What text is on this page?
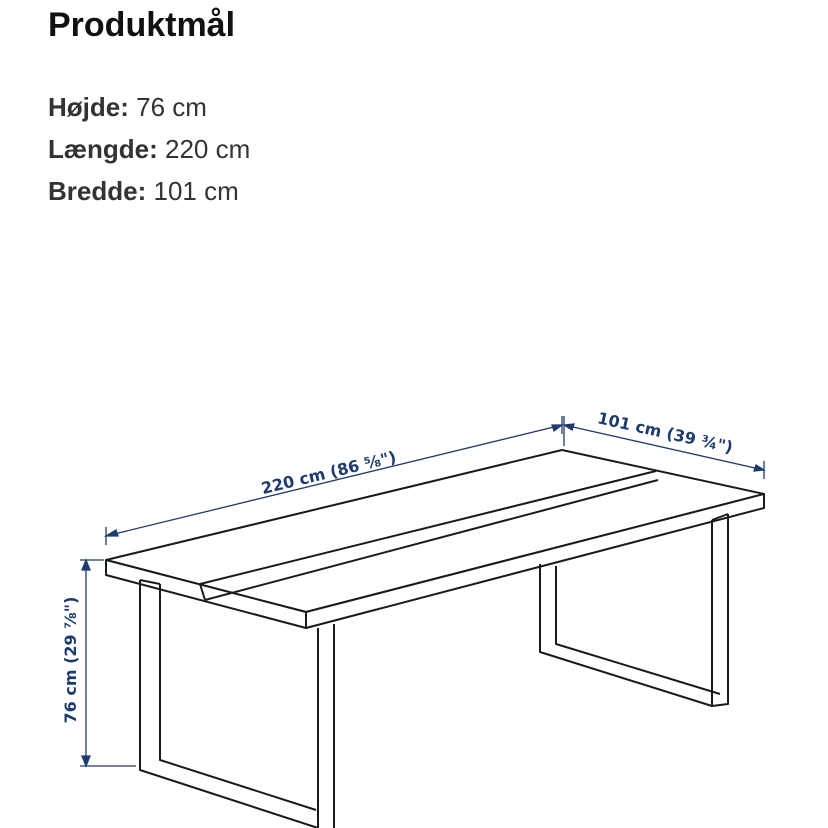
Produktmål
Højde: 76 cm
Længde: 220 cm
Bredde: 101 cm
220 cm (86 ⅝")
101 cm (39 ¾")
76 cm (29 ⅞")
